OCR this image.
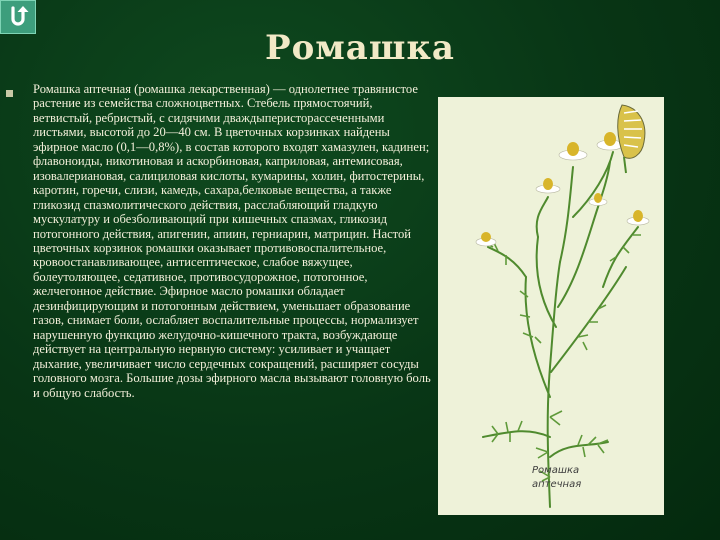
Ромашка

Ромашка аптечная (ромашка лекарственная) — однолетнее травянистое растение из семейства сложноцветных. Стебель прямостоячий, ветвистый, ребристый, с сидячими дваждыперисторассеченными листьями, высотой до 20—40 см. В цветочных корзинках найдены эфирное масло (0,1—0,8%), в состав которого входят хамазулен, кадинен; флавоноиды, никотиновая и аскорбиновая, каприловая, антемисовая, изовалериановая, салициловая кислоты, кумарины, холин, фитостерины, каротин, горечи, слизи, камедь, сахара,белковые вещества, а также гликозид спазмолитического действия, расслабляющий гладкую мускулатуру и обезболивающий при кишечных спазмах, гликозид потогонного действия, апигенин, апиин, герниарин, матрицин. Настой цветочных корзинок ромашки оказывает противовоспалительное, кровоостанавливающее, антисептическое, слабое вяжущее, болеутоляющее, седативное, противосудорожное, потогонное, желчегонное действие. Эфирное масло ромашки обладает дезинфицирующим и потогонным действием, уменьшает образование газов, снимает боли, ослабляет воспалительные процессы, нормализует нарушенную функцию желудочно-кишечного тракта, возбуждающе действует на центральную нервную систему: усиливает и учащает дыхание, увеличивает число сердечных сокращений, расширяет сосуды головного мозга. Большие дозы эфирного масла вызывают головную боль и общую слабость.

Ромашка
аптечная
